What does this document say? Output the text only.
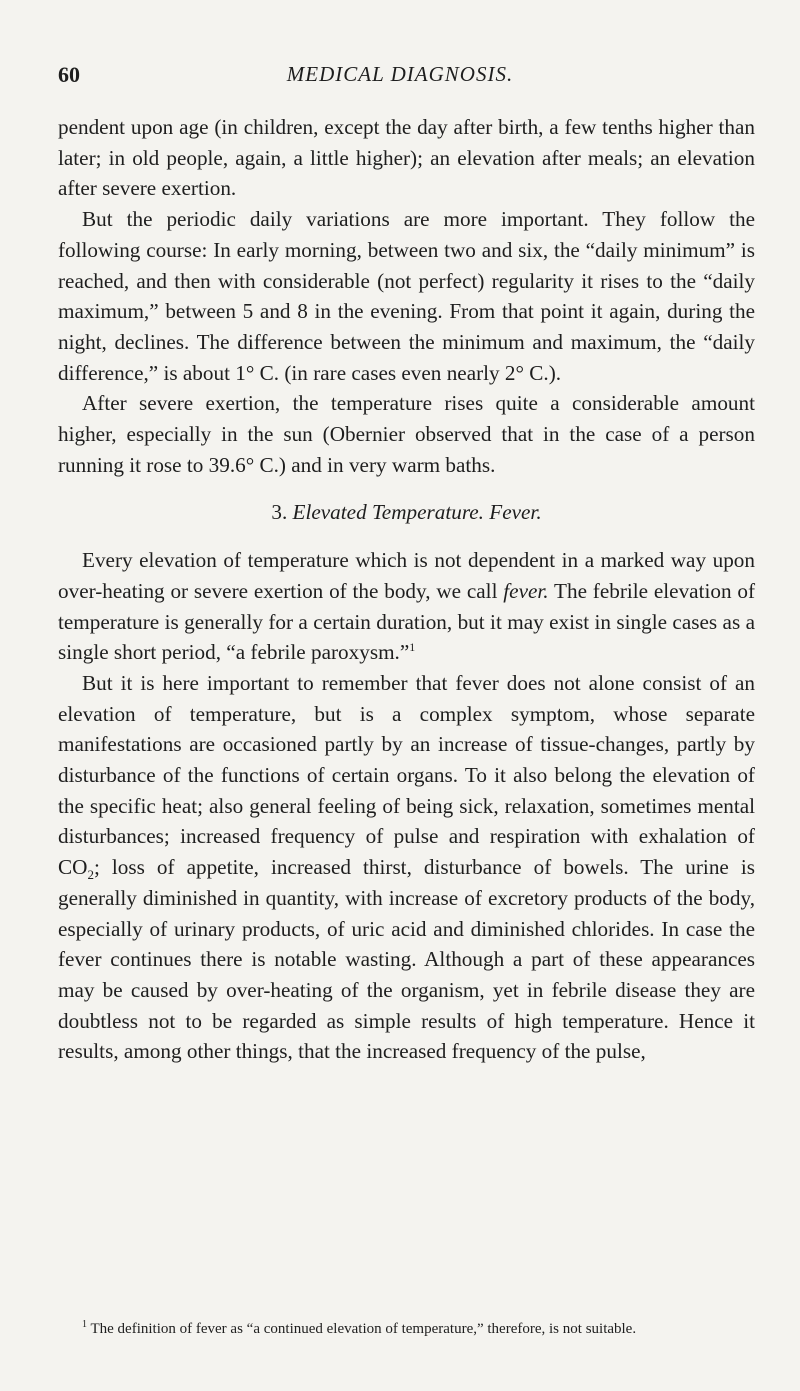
60	MEDICAL DIAGNOSIS.

pendent upon age (in children, except the day after birth, a few tenths higher than later; in old people, again, a little higher); an elevation after meals; an elevation after severe exertion.

But the periodic daily variations are more important. They follow the following course: In early morning, between two and six, the “daily minimum” is reached, and then with considerable (not perfect) regularity it rises to the “daily maximum,” between 5 and 8 in the evening. From that point it again, during the night, declines. The difference between the minimum and maximum, the “daily difference,” is about 1° C. (in rare cases even nearly 2° C.).

After severe exertion, the temperature rises quite a considerable amount higher, especially in the sun (Obernier observed that in the case of a person running it rose to 39.6° C.) and in very warm baths.

3. Elevated Temperature. Fever.

Every elevation of temperature which is not dependent in a marked way upon over-heating or severe exertion of the body, we call fever. The febrile elevation of temperature is generally for a certain duration, but it may exist in single cases as a single short period, “a febrile paroxysm.”$^1$

But it is here important to remember that fever does not alone consist of an elevation of temperature, but is a complex symptom, whose separate manifestations are occasioned partly by an increase of tissue-changes, partly by disturbance of the functions of certain organs. To it also belong the elevation of the specific heat; also general feeling of being sick, relaxation, sometimes mental disturbances; increased frequency of pulse and respiration with exhalation of $CO_2$; loss of appetite, increased thirst, disturbance of bowels. The urine is generally diminished in quantity, with increase of excretory products of the body, especially of urinary products, of uric acid and diminished chlorides. In case the fever continues there is notable wasting. Although a part of these appearances may be caused by over-heating of the organism, yet in febrile disease they are doubtless not to be regarded as simple results of high temperature. Hence it results, among other things, that the increased frequency of the pulse,

$^1$ The definition of fever as “a continued elevation of temperature,” therefore, is not suitable.
